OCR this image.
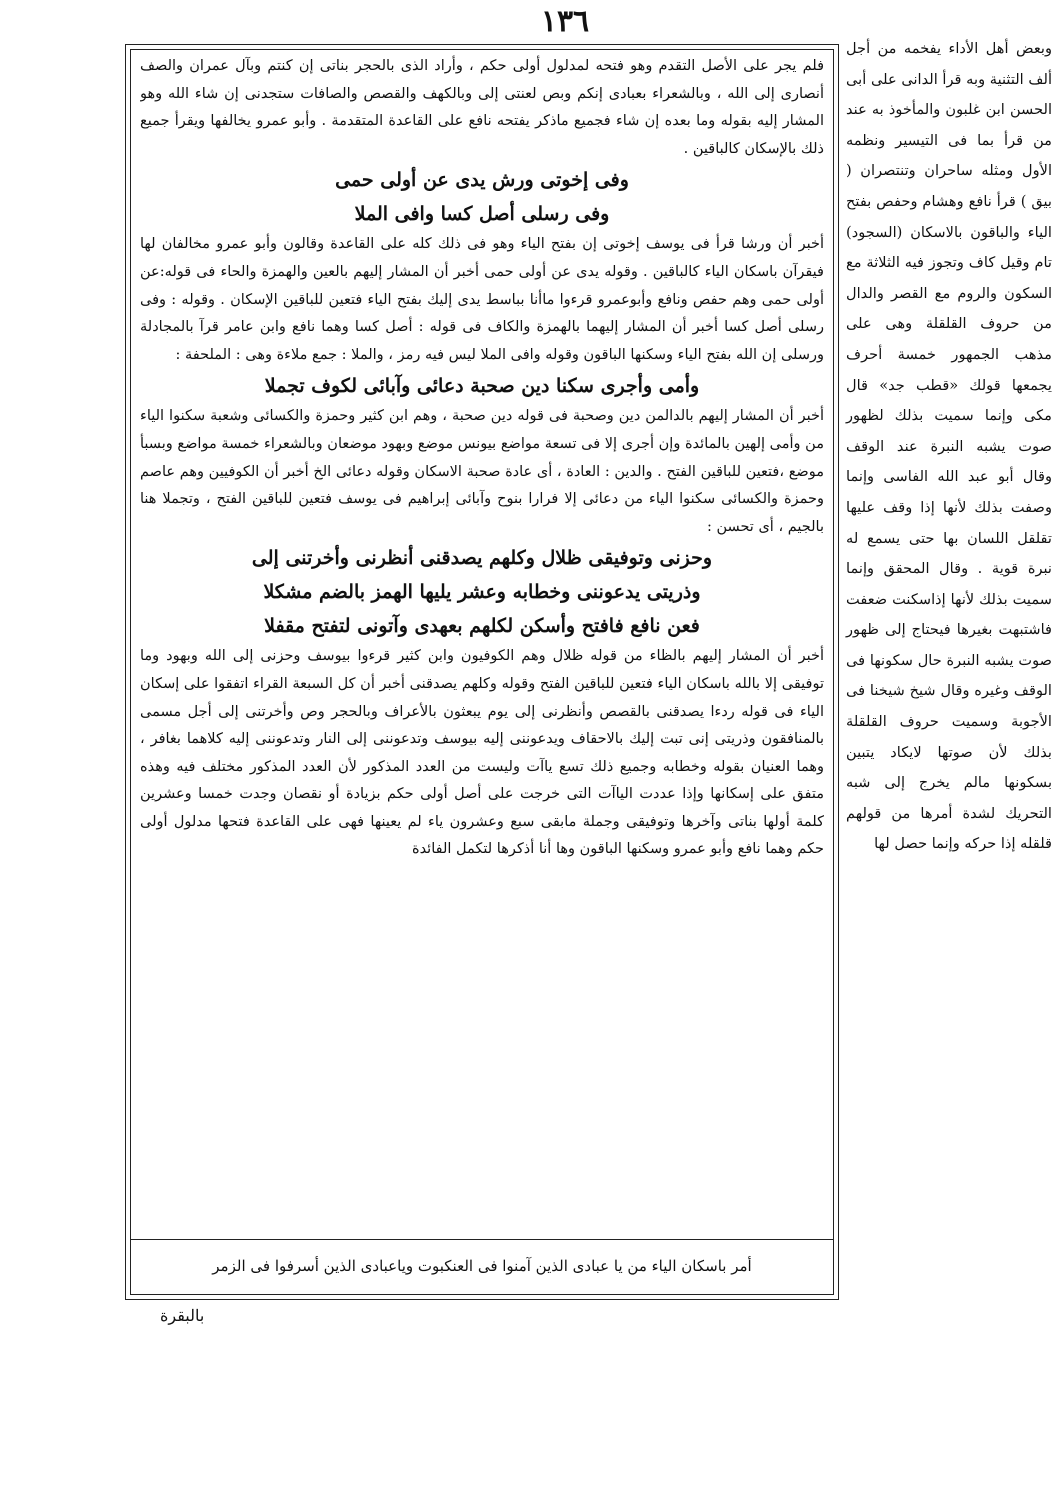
١٣٦

فلم يجر على الأصل التقدم وهو فتحه لمدلول أولى حكم ، وأراد الذى بالحجر بناتى إن كنتم وبآل عمران والصف أنصارى إلى الله ، وبالشعراء بعبادى إنكم وبص لعنتى إلى وبالكهف والقصص والصافات ستجدنى إن شاء الله وهو المشار إليه بقوله وما بعده إن شاء فجميع ماذكر يفتحه نافع على القاعدة المتقدمة . وأبو عمرو يخالفها ويقرأ جميع ذلك بالإسكان كالباقين .

وفى إخوتى ورش يدى عن أولى حمى
وفى رسلى أصل كسا وافى الملا

أخبر أن ورشا قرأ فى يوسف إخوتى إن بفتح الياء وهو فى ذلك كله على القاعدة وقالون وأبو عمرو مخالفان لها فيقرآن باسكان الياء كالباقين . وقوله يدى عن أولى حمى أخبر أن المشار إليهم بالعين والهمزة والحاء فى قوله:عن أولى حمى وهم حفص ونافع وأبوعمرو قرءوا ماأنا بباسط يدى إليك بفتح الياء فتعين للباقين الإسكان . وقوله : وفى رسلى أصل كسا أخبر أن المشار إليهما بالهمزة والكاف فى قوله : أصل كسا وهما نافع وابن عامر قرآ بالمجادلة ورسلى إن الله بفتح الياء وسكنها الباقون وقوله وافى الملا ليس فيه رمز ، والملا : جمع ملاءة وهى : الملحفة :

وأمى وأجرى سكنا دين صحبة دعائى وآبائى لكوف تجملا

أخبر أن المشار إليهم بالدالمن دين وصحبة فى قوله دين صحبة ، وهم ابن كثير وحمزة والكسائى وشعبة سكنوا الياء من وأمى إلهين بالمائدة وإن أجرى إلا فى تسعة مواضع بيونس موضع وبهود موضعان وبالشعراء خمسة مواضع وبسبأ موضع ،فتعين للباقين الفتح . والدين : العادة ، أى عادة صحبة الاسكان وقوله دعائى الخ أخبر أن الكوفيين وهم عاصم وحمزة والكسائى سكنوا الياء من دعائى إلا فرارا بنوح وآبائى إبراهيم فى يوسف فتعين للباقين الفتح ، وتجملا هنا بالجيم ، أى تحسن :

وحزنى وتوفيقى ظلال وكلهم يصدقنى أنظرنى وأخرتنى إلى
وذريتى يدعوننى وخطابه وعشر يليها الهمز بالضم مشكلا
فعن نافع فافتح وأسكن لكلهم بعهدى وآتونى لتفتح مقفلا

أخبر أن المشار إليهم بالظاء من قوله ظلال وهم الكوفيون وابن كثير قرءوا بيوسف وحزنى إلى الله وبهود وما توفيقى إلا بالله باسكان الياء فتعين للباقين الفتح وقوله وكلهم يصدقنى أخبر أن كل السبعة القراء اتفقوا على إسكان الياء فى قوله ردءا يصدقنى بالقصص وأنظرنى إلى يوم يبعثون بالأعراف وبالحجر وص وأخرتنى إلى أجل مسمى بالمنافقون وذريتى إنى تبت إليك بالاحقاف ويدعوننى إليه بيوسف وتدعوننى إلى النار وتدعوننى إليه كلاهما بغافر ، وهما العنيان بقوله وخطابه وجميع ذلك تسع ياآت وليست من العدد المذكور لأن العدد المذكور مختلف فيه وهذه متفق على إسكانها وإذا عددت الياآت التى خرجت على أصل أولى حكم بزيادة أو نقصان وجدت خمسا وعشرين كلمة أولها بناتى وآخرها وتوفيقى وجملة مابقى سبع وعشرون ياء لم يعينها فهى على القاعدة فتحها مدلول أولى حكم وهما نافع وأبو عمرو وسكنها الباقون وها أنا أذكرها لتكمل الفائدة

أمر باسكان الياء من يا عبادى الذين آمنوا فى العنكبوت وياعبادى الذين أسرفوا فى الزمر
بالبقرة

وبعض أهل الأداء يفخمه من أجل ألف التثنية وبه قرأ الدانى على أبى الحسن ابن غلبون والمأخوذ به عند من قرأ بما فى التيسير ونظمه الأول ومثله ساحران وتنتصران ( بيق ) قرأ نافع وهشام وحفص بفتح الياء والباقون بالاسكان (السجود) تام وقيل كاف وتجوز فيه الثلاثة مع السكون والروم مع القصر والدال من حروف القلقلة وهى على مذهب الجمهور خمسة أحرف يجمعها قولك «قطب جد» قال مكى وإنما سميت بذلك لظهور صوت يشبه النبرة عند الوقف وقال أبو عبد الله الفاسى وإنما وصفت بذلك لأنها إذا وقف عليها تقلقل اللسان بها حتى يسمع له نبرة قوية . وقال المحقق وإنما سميت بذلك لأنها إذاسكنت ضعفت فاشتبهت بغيرها فيحتاج إلى ظهور صوت يشبه النبرة حال سكونها فى الوقف وغيره وقال شيخ شيخنا فى الأجوبة وسميت حروف القلقلة بذلك لأن صوتها لايكاد يتبين بسكونها مالم يخرج إلى شبه التحريك لشدة أمرها من قولهم قلقله إذا حركه وإنما حصل لها
